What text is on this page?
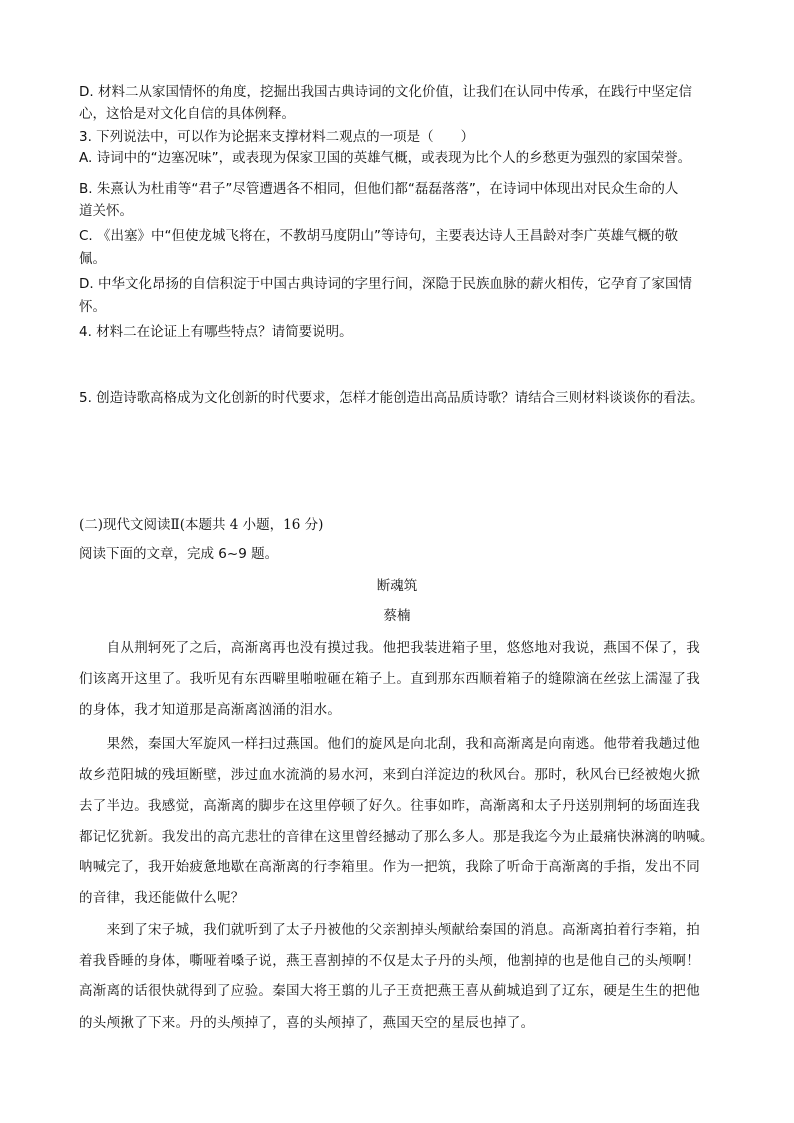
D. 材料二从家国情怀的角度，挖掘出我国古典诗词的文化价值，让我们在认同中传承，在践行中坚定信
心，这恰是对文化自信的具体例释。
3. 下列说法中，可以作为论据来支撑材料二观点的一项是（　　）
A. 诗词中的“边塞况味”，或表现为保家卫国的英雄气概，或表现为比个人的乡愁更为强烈的家国荣誉。
B. 朱熹认为杜甫等“君子”尽管遭遇各不相同，但他们都“磊磊落落”，在诗词中体现出对民众生命的人
道关怀。
C. 《出塞》中“但使龙城飞将在，不教胡马度阴山”等诗句，主要表达诗人王昌龄对李广英雄气概的敬
佩。
D. 中华文化昂扬的自信积淀于中国古典诗词的字里行间，深隐于民族血脉的薪火相传，它孕育了家国情
怀。
4. 材料二在论证上有哪些特点？请简要说明。
5. 创造诗歌高格成为文化创新的时代要求，怎样才能创造出高品质诗歌？请结合三则材料谈谈你的看法。
(二)现代文阅读Ⅱ(本题共 4 小题，16 分)
阅读下面的文章，完成 6~9 题。
断魂筑
蔡楠
　　自从荆轲死了之后，高渐离再也没有摸过我。他把我装进箱子里，悠悠地对我说，燕国不保了，我
们该离开这里了。我听见有东西噼里啪啦砸在箱子上。直到那东西顺着箱子的缝隙滴在丝弦上濡湿了我
的身体，我才知道那是高渐离汹涌的泪水。
　　果然，秦国大军旋风一样扫过燕国。他们的旋风是向北刮，我和高渐离是向南逃。他带着我趟过他
故乡范阳城的残垣断壁，涉过血水流淌的易水河，来到白洋淀边的秋风台。那时，秋风台已经被炮火掀
去了半边。我感觉，高渐离的脚步在这里停顿了好久。往事如昨，高渐离和太子丹送别荆轲的场面连我
都记忆犹新。我发出的高亢悲壮的音律在这里曾经撼动了那么多人。那是我迄今为止最痛快淋漓的呐喊。
呐喊完了，我开始疲惫地歇在高渐离的行李箱里。作为一把筑，我除了听命于高渐离的手指，发出不同
的音律，我还能做什么呢？
　　来到了宋子城，我们就听到了太子丹被他的父亲割掉头颅献给秦国的消息。高渐离拍着行李箱，拍
着我昏睡的身体，嘶哑着嗓子说，燕王喜割掉的不仅是太子丹的头颅，他割掉的也是他自己的头颅啊！
高渐离的话很快就得到了应验。秦国大将王翦的儿子王贲把燕王喜从蓟城追到了辽东，硬是生生的把他
的头颅揪了下来。丹的头颅掉了，喜的头颅掉了，燕国天空的星辰也掉了。
